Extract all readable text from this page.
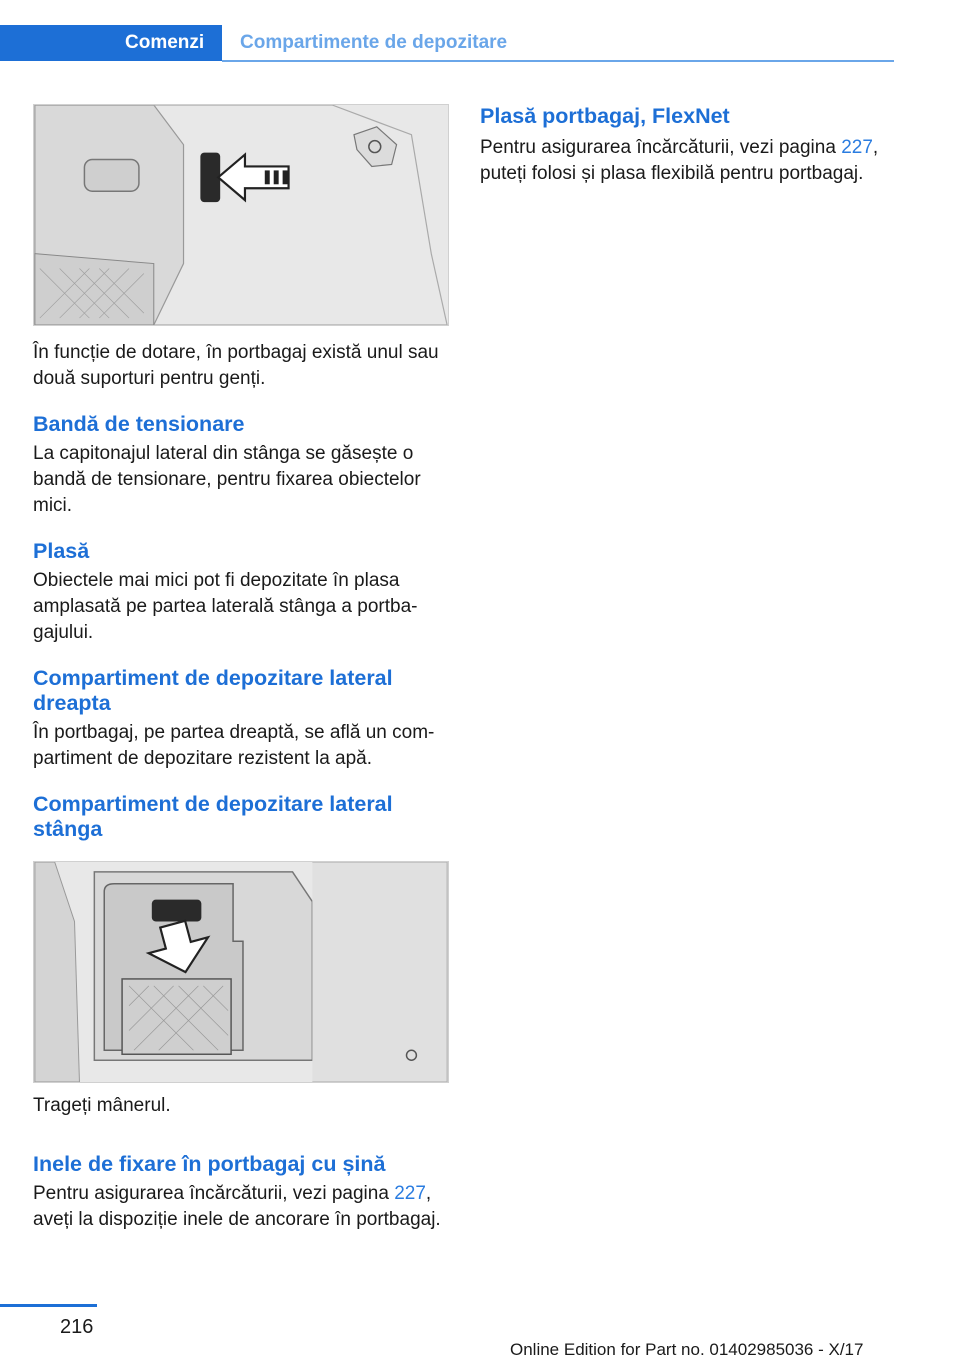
Comenzi	Compartimente de depozitare

În funcție de dotare, în portbagaj există unul sau două suporturi pentru genți.

Bandă de tensionare

La capitonajul lateral din stânga se găsește o bandă de tensionare, pentru fixarea obiectelor mici.

Plasă

Obiectele mai mici pot fi depozitate în plasa amplasată pe partea laterală stânga a portbagajului.

Compartiment de depozitare lateral dreapta

În portbagaj, pe partea dreaptă, se află un compartiment de depozitare rezistent la apă.

Compartiment de depozitare lateral stânga

Trageți mânerul.

Inele de fixare în portbagaj cu șină

Pentru asigurarea încărcăturii, vezi pagina 227, aveți la dispoziție inele de ancorare în portbagaj.

Plasă portbagaj, FlexNet

Pentru asigurarea încărcăturii, vezi pagina 227, puteți folosi și plasa flexibilă pentru portbagaj.

216
Online Edition for Part no. 01402985036 - X/17
